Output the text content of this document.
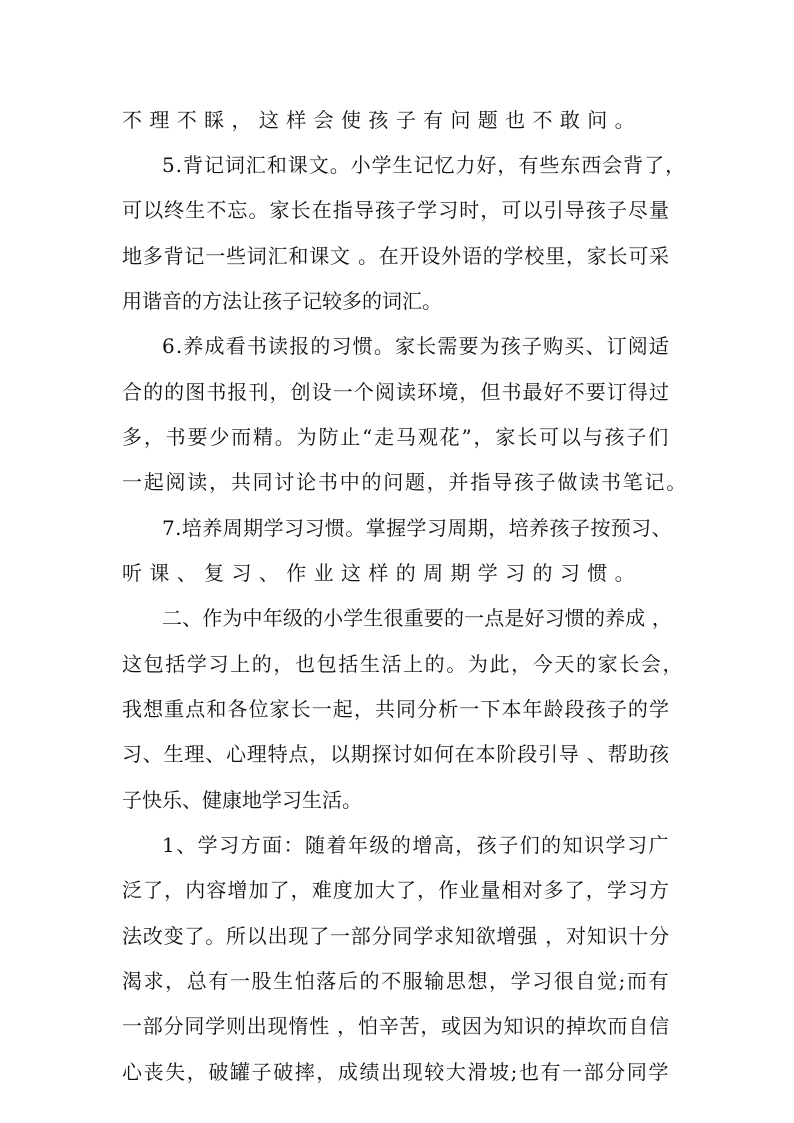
不理不睬，这样会使孩子有问题也不敢问。
5.背记词汇和课文。小学生记忆力好，有些东西会背了，
可以终生不忘。家长在指导孩子学习时，可以引导孩子尽量
地多背记一些词汇和课文 。在开设外语的学校里，家长可采
用谐音的方法让孩子记较多的词汇。
6.养成看书读报的习惯。家长需要为孩子购买、订阅适
合的的图书报刊，创设一个阅读环境，但书最好不要订得过
多，书要少而精。为防止“走马观花”，家长可以与孩子们
一起阅读，共同讨论书中的问题，并指导孩子做读书笔记。
7.培养周期学习习惯。掌握学习周期，培养孩子按预习、
听课、复习、作业这样的周期学习的习惯。
二、作为中年级的小学生很重要的一点是好习惯的养成 ，
这包括学习上的，也包括生活上的。为此，今天的家长会，
我想重点和各位家长一起，共同分析一下本年龄段孩子的学
习、生理、心理特点，以期探讨如何在本阶段引导 、帮助孩
子快乐、健康地学习生活。
1、学习方面：随着年级的增高，孩子们的知识学习广
泛了，内容增加了，难度加大了，作业量相对多了，学习方
法改变了。所以出现了一部分同学求知欲增强 ，对知识十分
渴求，总有一股生怕落后的不服输思想，学习很自觉;而有
一部分同学则出现惰性 ，怕辛苦，或因为知识的掉坎而自信
心丧失，破罐子破摔，成绩出现较大滑坡;也有一部分同学
